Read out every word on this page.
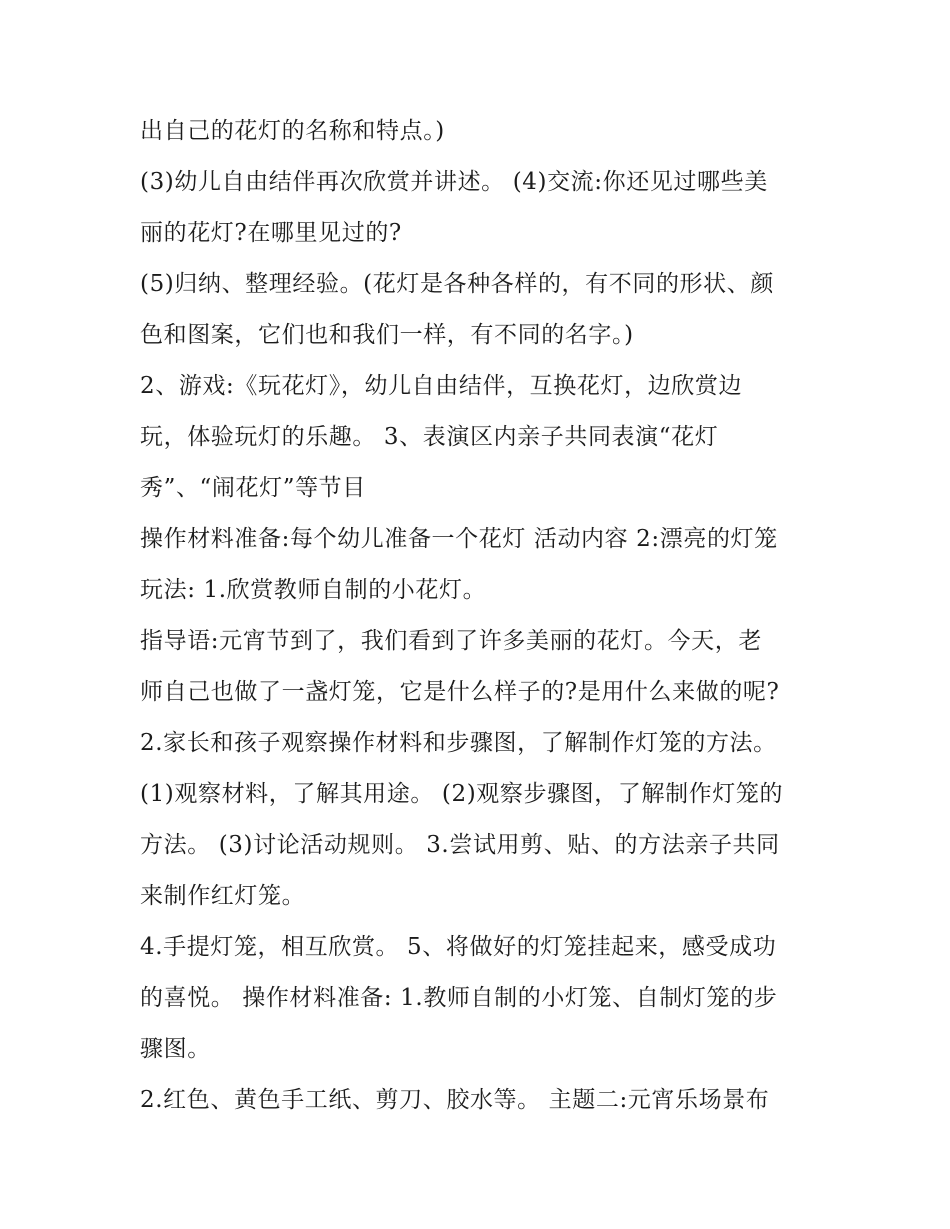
出自己的花灯的名称和特点。)
(3)幼儿自由结伴再次欣赏并讲述。 (4)交流:你还见过哪些美
丽的花灯?在哪里见过的?
(5)归纳、整理经验。(花灯是各种各样的，有不同的形状、颜
色和图案，它们也和我们一样，有不同的名字。)
2、游戏:《玩花灯》，幼儿自由结伴，互换花灯，边欣赏边
玩，体验玩灯的乐趣。 3、表演区内亲子共同表演“花灯
秀”、“闹花灯”等节目
操作材料准备:每个幼儿准备一个花灯 活动内容 2:漂亮的灯笼
玩法: 1.欣赏教师自制的小花灯。
指导语:元宵节到了，我们看到了许多美丽的花灯。今天，老
师自己也做了一盏灯笼，它是什么样子的?是用什么来做的呢?
2.家长和孩子观察操作材料和步骤图，了解制作灯笼的方法。
(1)观察材料，了解其用途。 (2)观察步骤图，了解制作灯笼的
方法。 (3)讨论活动规则。 3.尝试用剪、贴、的方法亲子共同
来制作红灯笼。
4.手提灯笼，相互欣赏。 5、将做好的灯笼挂起来，感受成功
的喜悦。 操作材料准备: 1.教师自制的小灯笼、自制灯笼的步
骤图。
2.红色、黄色手工纸、剪刀、胶水等。 主题二:元宵乐场景布
